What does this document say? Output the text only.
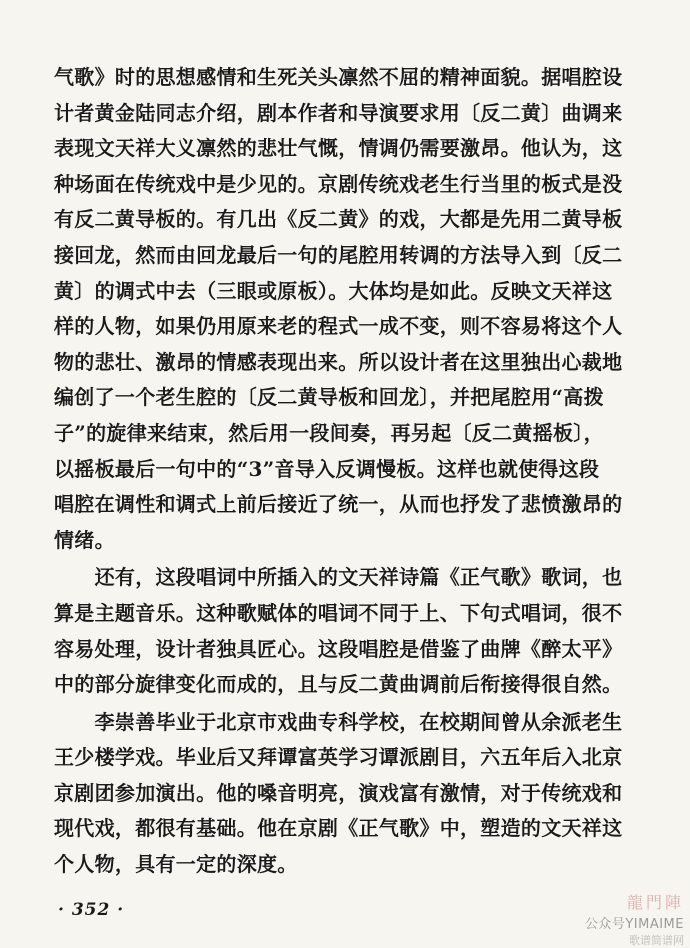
气歌》时的思想感情和生死关头凛然不屈的精神面貌。据唱腔设
计者黄金陆同志介绍，剧本作者和导演要求用〔反二黄〕曲调来
表现文天祥大义凛然的悲壮气慨，情调仍需要激昂。他认为，这
种场面在传统戏中是少见的。京剧传统戏老生行当里的板式是没
有反二黄导板的。有几出《反二黄》的戏，大都是先用二黄导板
接回龙，然而由回龙最后一句的尾腔用转调的方法导入到〔反二
黄〕的调式中去（三眼或原板）。大体均是如此。反映文天祥这
样的人物，如果仍用原来老的程式一成不变，则不容易将这个人
物的悲壮、激昂的情感表现出来。所以设计者在这里独出心裁地
编创了一个老生腔的〔反二黄导板和回龙〕，并把尾腔用“高拨
子”的旋律来结束，然后用一段间奏，再另起〔反二黄摇板〕，
以摇板最后一句中的“3”音导入反调慢板。这样也就使得这段
唱腔在调性和调式上前后接近了统一，从而也抒发了悲愤激昂的
情绪。
　　还有，这段唱词中所插入的文天祥诗篇《正气歌》歌词，也
算是主题音乐。这种歌赋体的唱词不同于上、下句式唱词，很不
容易处理，设计者独具匠心。这段唱腔是借鉴了曲牌《醉太平》
中的部分旋律变化而成的，且与反二黄曲调前后衔接得很自然。
　　李崇善毕业于北京市戏曲专科学校，在校期间曾从余派老生
王少楼学戏。毕业后又拜谭富英学习谭派剧目，六五年后入北京
京剧团参加演出。他的嗓音明亮，演戏富有激情，对于传统戏和
现代戏，都很有基础。他在京剧《正气歌》中，塑造的文天祥这
个人物，具有一定的深度。
· 352 ·	龍門陣
公众号YIMAIME
歌谱简谱网
